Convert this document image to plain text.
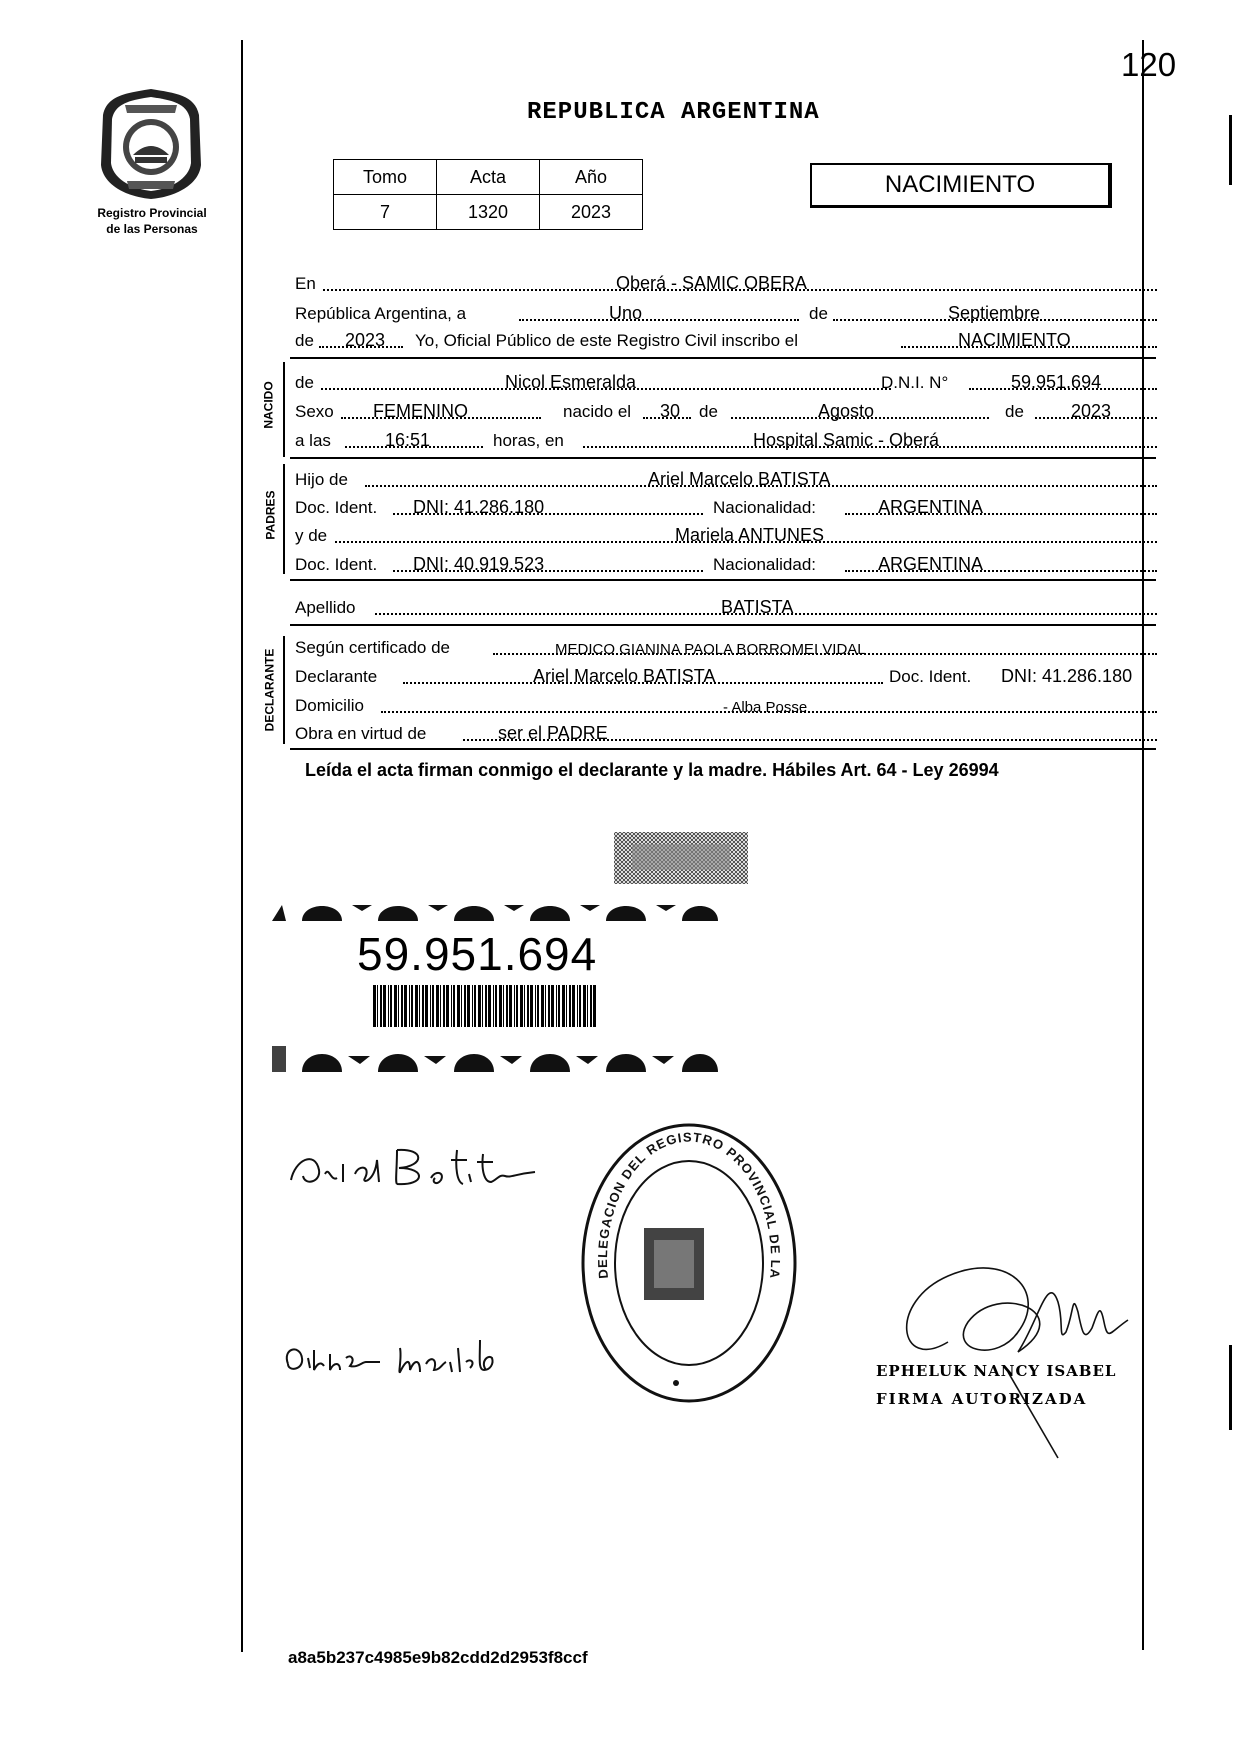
120
Registro Provincial
de las Personas
REPUBLICA ARGENTINA
Tomo	Acta	Año
7	1320	2023
NACIMIENTO
En	Oberá - SAMIC OBERA
República Argentina, a	Uno	de	Septiembre
de 2023 Yo, Oficial Público de este Registro Civil inscribo el	NACIMIENTO
NACIDO de	Nicol Esmeralda	D.N.I. N°	59.951.694
Sexo FEMENINO	nacido el 30 de	Agosto	de	2023
a las	16:51	horas, en	Hospital Samic - Oberá
PADRES
Hijo de	Ariel Marcelo BATISTA
Doc. Ident. DNI: 41.286.180	Nacionalidad:	ARGENTINA
y de	Mariela ANTUNES
Doc. Ident. DNI: 40.919.523	Nacionalidad:	ARGENTINA
Apellido	BATISTA
DECLARANTE
Según certificado de	MEDICO GIANINA PAOLA BORROMEI VIDAL
Declarante	Ariel Marcelo BATISTA	Doc. Ident. DNI: 41.286.180
Domicilio	- Alba Posse
Obra en virtud de	ser el PADRE
Leída el acta firman conmigo el declarante y la madre. Hábiles Art. 64 - Ley 26994
59.951.694
DELEGACION DEL REGISTRO PROVINCIAL DE LA
EPHELUK NANCY ISABEL
FIRMA AUTORIZADA
a8a5b237c4985e9b82cdd2d2953f8ccf
